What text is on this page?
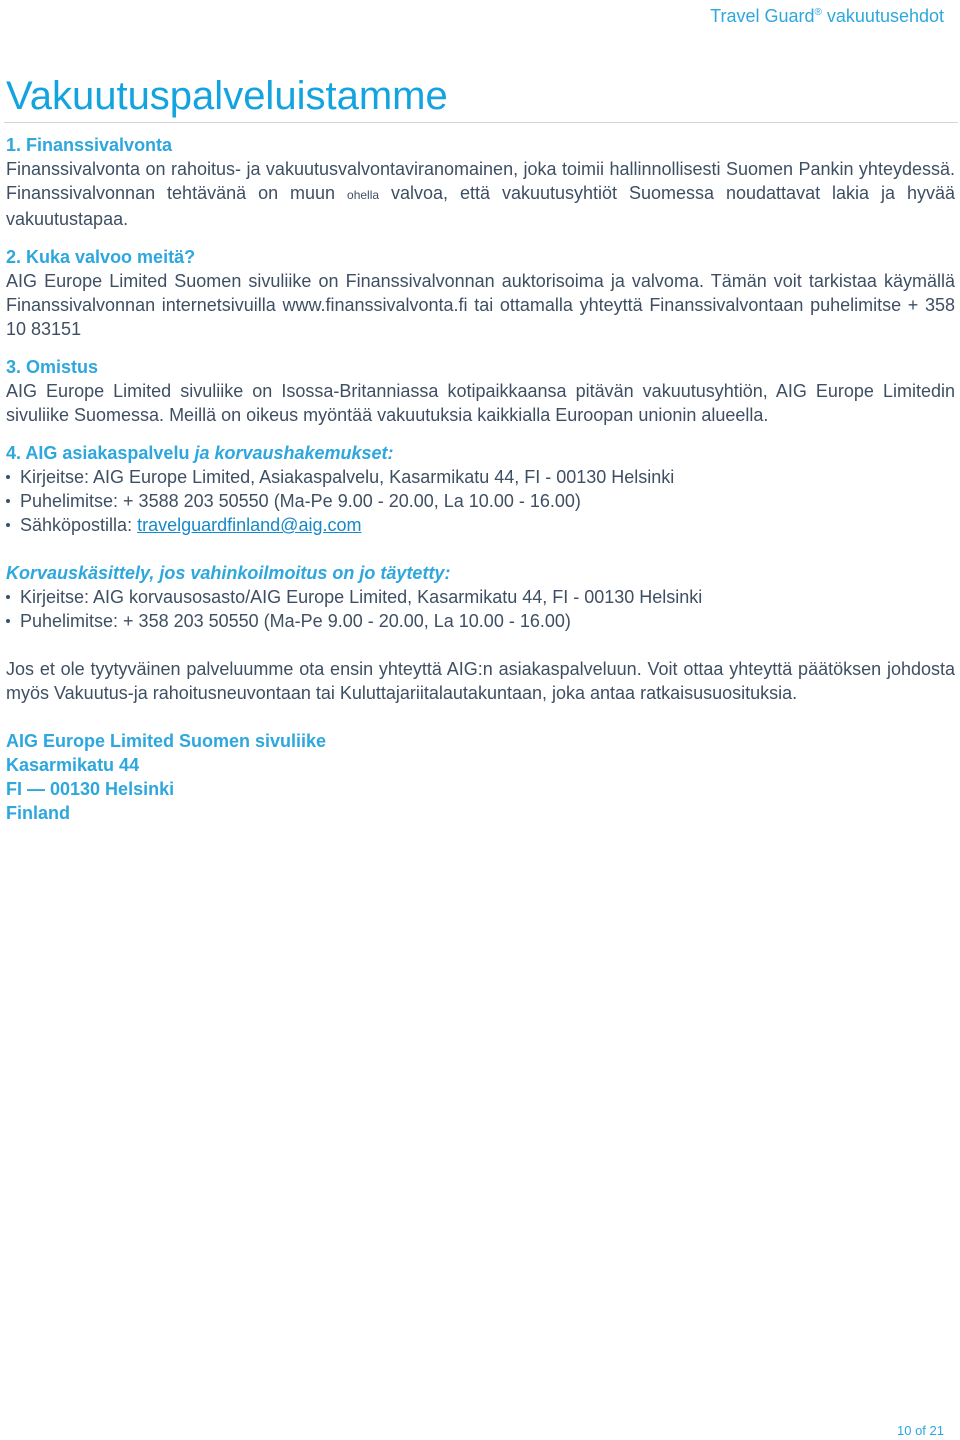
Travel Guard® vakuutusehdot
Vakuutuspalveluistamme

1. Finanssivalvonta

Finanssivalvonta on rahoitus- ja vakuutusvalvontaviranomainen, joka toimii hallinnollisesti Suomen Pankin yhteydessä. Finanssivalvonnan tehtävänä on muun ohella valvoa, että vakuutusyhtiöt Suomessa noudattavat lakia ja hyvää vakuutustapaa.

2. Kuka valvoo meitä?

AIG Europe Limited Suomen sivuliike on Finanssivalvonnan auktorisoima ja valvoma. Tämän voit tarkistaa käymällä Finanssivalvonnan internetsivuilla www.finanssivalvonta.fi tai ottamalla yhteyttä Finanssivalvontaan puhelimitse + 358 10 83151

3. Omistus

AIG Europe Limited sivuliike on Isossa-Britanniassa kotipaikkaansa pitävän vakuutusyhtiön, AIG Europe Limitedin sivuliike Suomessa. Meillä on oikeus myöntää vakuutuksia kaikkialla Euroopan unionin alueella.

4. AIG asiakaspalvelu ja korvaushakemukset:

Kirjeitse: AIG Europe Limited, Asiakaspalvelu, Kasarmikatu 44, FI - 00130 Helsinki
Puhelimitse: + 3588 203 50550 (Ma-Pe 9.00 - 20.00, La 10.00 - 16.00)
Sähköpostilla: travelguardfinland@aig.com

Korvauskäsittely, jos vahinkoilmoitus on jo täytetty:

Kirjeitse: AIG korvausosasto/AIG Europe Limited, Kasarmikatu 44, FI - 00130 Helsinki
Puhelimitse: + 358 203 50550 (Ma-Pe 9.00 - 20.00, La 10.00 - 16.00)

Jos et ole tyytyväinen palveluumme ota ensin yhteyttä AIG:n asiakaspalveluun. Voit ottaa yhteyttä päätöksen johdosta myös Vakuutus-ja rahoitusneuvontaan tai Kuluttajariitalautakuntaan, joka antaa ratkaisusuosituksia.

AIG Europe Limited Suomen sivuliike

Kasarmikatu 44

FI — 00130 Helsinki

Finland

10 of 21
